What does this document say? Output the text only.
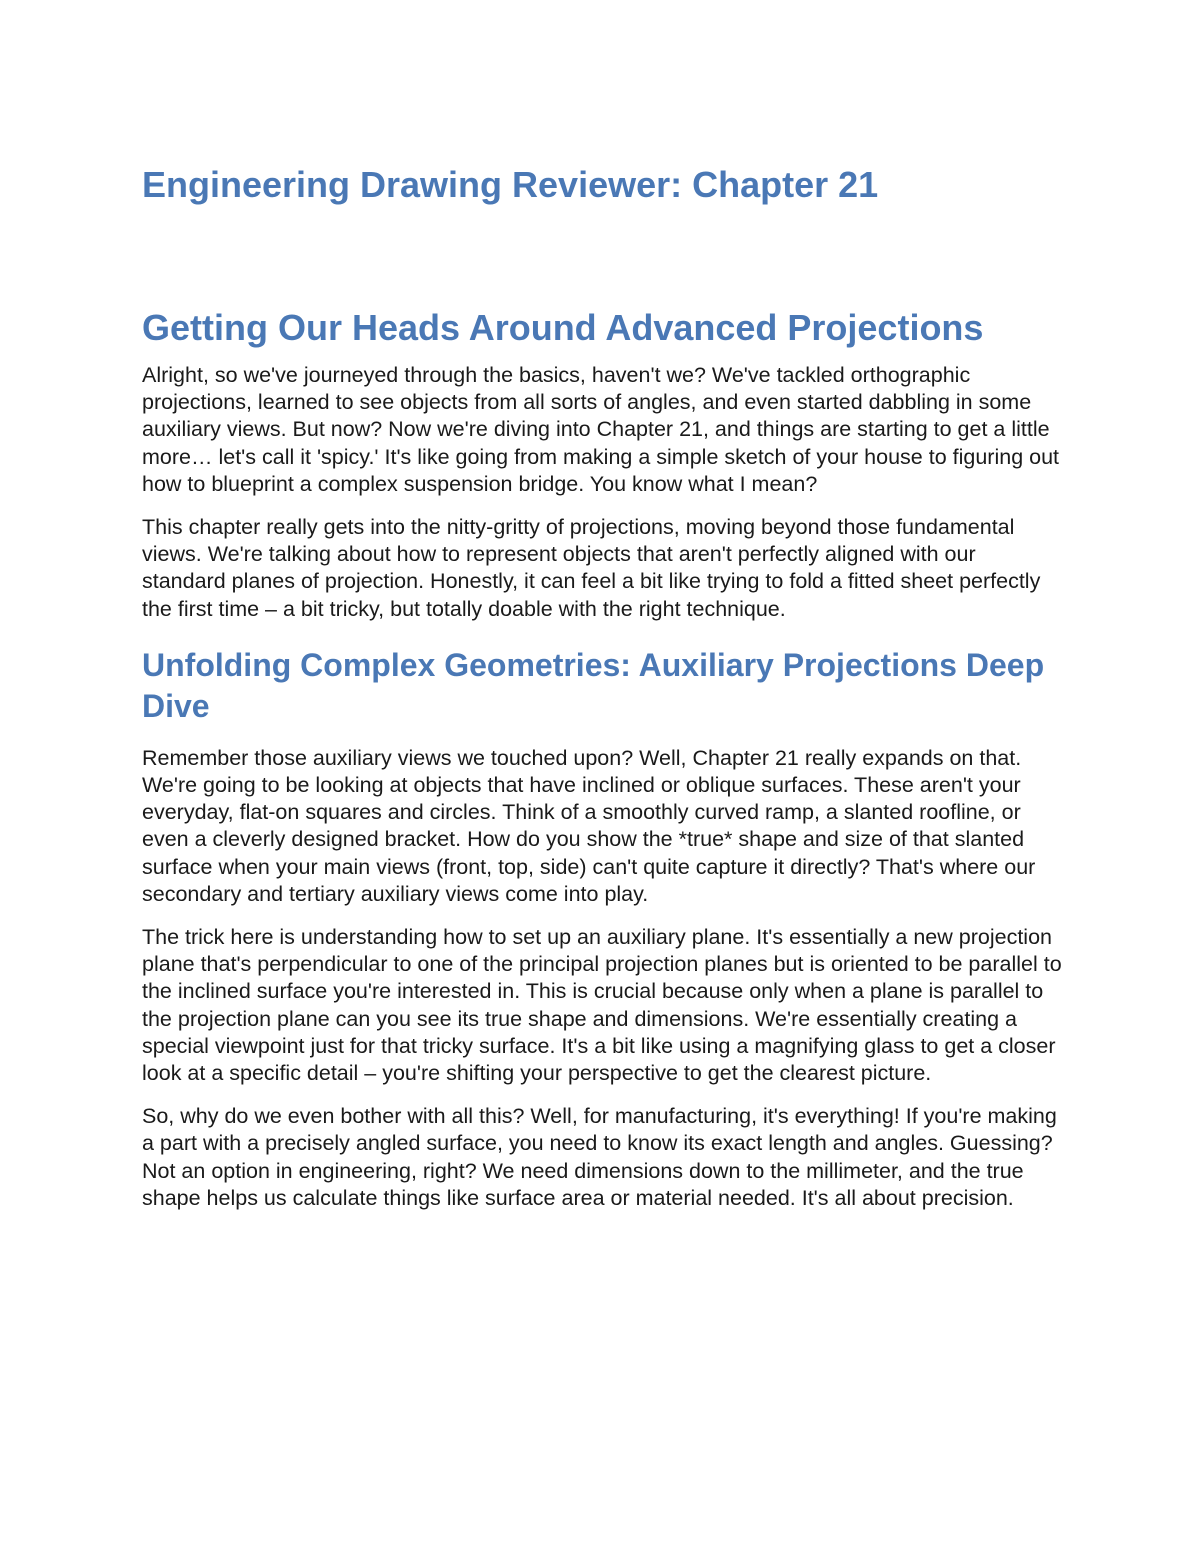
Engineering Drawing Reviewer: Chapter 21
Getting Our Heads Around Advanced Projections

Alright, so we've journeyed through the basics, haven't we? We've tackled orthographic projections, learned to see objects from all sorts of angles, and even started dabbling in some auxiliary views. But now? Now we're diving into Chapter 21, and things are starting to get a little more… let's call it 'spicy.' It's like going from making a simple sketch of your house to figuring out how to blueprint a complex suspension bridge. You know what I mean?

This chapter really gets into the nitty-gritty of projections, moving beyond those fundamental views. We're talking about how to represent objects that aren't perfectly aligned with our standard planes of projection. Honestly, it can feel a bit like trying to fold a fitted sheet perfectly the first time – a bit tricky, but totally doable with the right technique.

Unfolding Complex Geometries: Auxiliary Projections Deep Dive

Remember those auxiliary views we touched upon? Well, Chapter 21 really expands on that. We're going to be looking at objects that have inclined or oblique surfaces. These aren't your everyday, flat-on squares and circles. Think of a smoothly curved ramp, a slanted roofline, or even a cleverly designed bracket. How do you show the *true* shape and size of that slanted surface when your main views (front, top, side) can't quite capture it directly? That's where our secondary and tertiary auxiliary views come into play.

The trick here is understanding how to set up an auxiliary plane. It's essentially a new projection plane that's perpendicular to one of the principal projection planes but is oriented to be parallel to the inclined surface you're interested in. This is crucial because only when a plane is parallel to the projection plane can you see its true shape and dimensions. We're essentially creating a special viewpoint just for that tricky surface. It's a bit like using a magnifying glass to get a closer look at a specific detail – you're shifting your perspective to get the clearest picture.

So, why do we even bother with all this? Well, for manufacturing, it's everything! If you're making a part with a precisely angled surface, you need to know its exact length and angles. Guessing? Not an option in engineering, right? We need dimensions down to the millimeter, and the true shape helps us calculate things like surface area or material needed. It's all about precision.
